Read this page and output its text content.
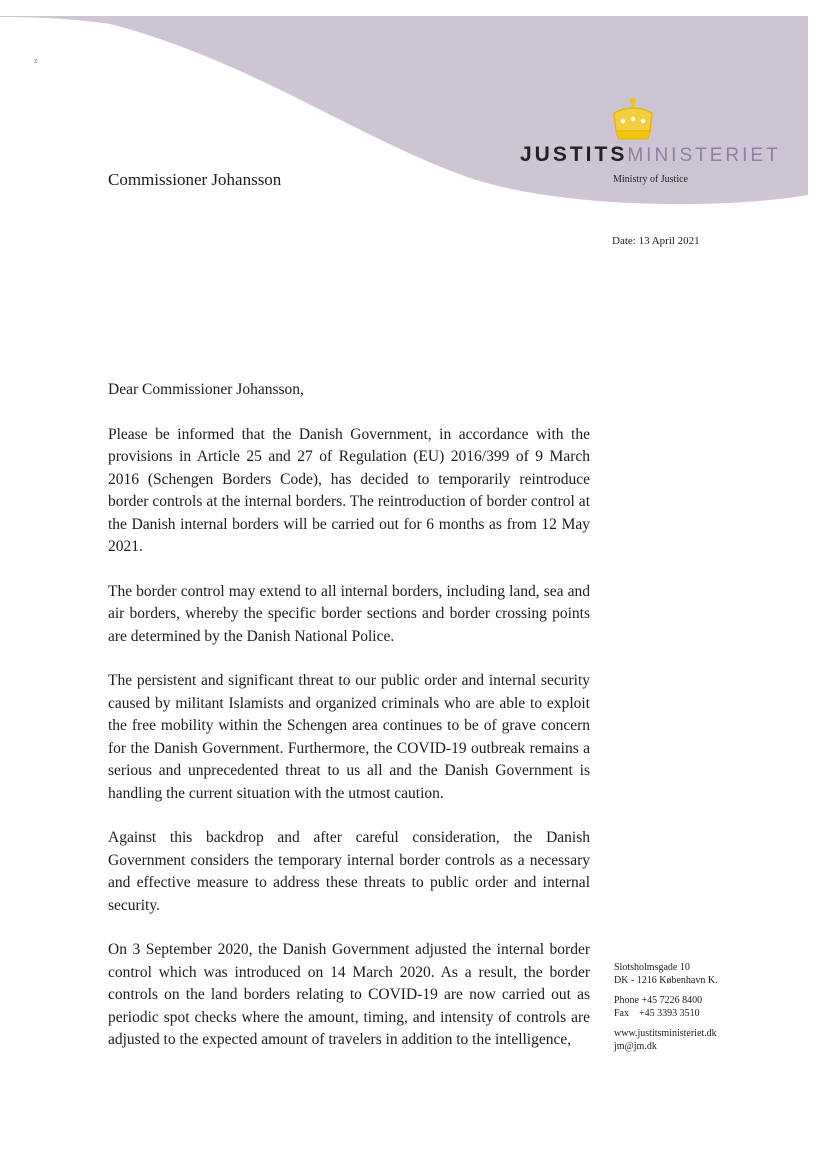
z
JUSTITSMINISTERIET
Ministry of Justice
Commissioner Johansson
Date: 13 April 2021

Dear Commissioner Johansson,

Please be informed that the Danish Government, in accordance with the provisions in Article 25 and 27 of Regulation (EU) 2016/399 of 9 March 2016 (Schengen Borders Code), has decided to temporarily reintroduce border controls at the internal borders. The reintroduction of border control at the Danish internal borders will be carried out for 6 months as from 12 May 2021.

The border control may extend to all internal borders, including land, sea and air borders, whereby the specific border sections and border crossing points are determined by the Danish National Police.

The persistent and significant threat to our public order and internal security caused by militant Islamists and organized criminals who are able to exploit the free mobility within the Schengen area continues to be of grave concern for the Danish Government. Furthermore, the COVID-19 outbreak remains a serious and unprecedented threat to us all and the Danish Government is handling the current situation with the utmost caution.

Against this backdrop and after careful consideration, the Danish Government considers the temporary internal border controls as a necessary and effective measure to address these threats to public order and internal security.

On 3 September 2020, the Danish Government adjusted the internal border control which was introduced on 14 March 2020. As a result, the border controls on the land borders relating to COVID-19 are now carried out as periodic spot checks where the amount, timing, and intensity of controls are adjusted to the expected amount of travelers in addition to the intelligence,

Slotsholmsgade 10
DK - 1216 København K.
Phone +45 7226 8400
Fax    +45 3393 3510
www.justitsministeriet.dk
jm@jm.dk
